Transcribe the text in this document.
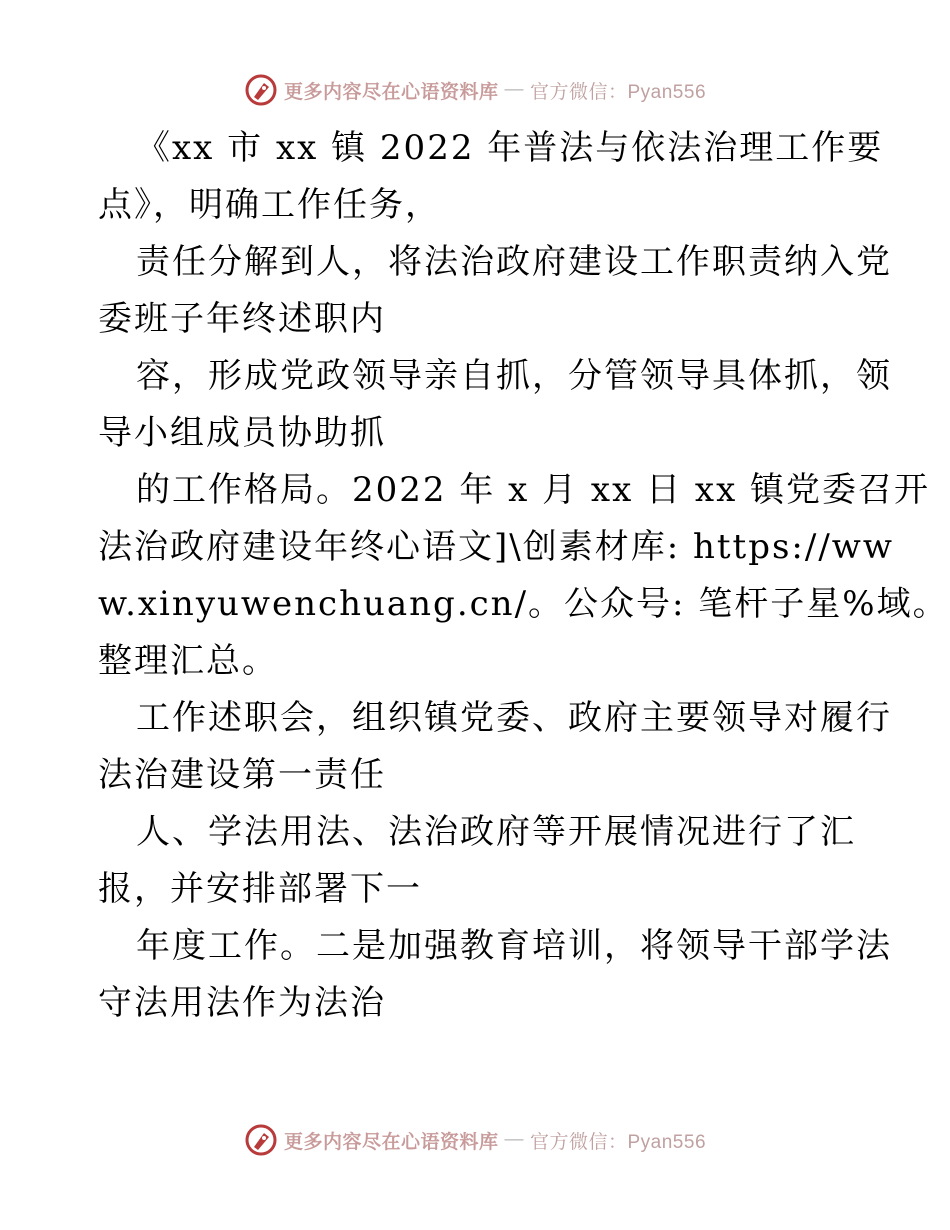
更多内容尽在心语资料库 — 官方微信：Pyan556
《xx 市 xx 镇 2022 年普法与依法治理工作要
点》，明确工作任务，
责任分解到人，将法治政府建设工作职责纳入党
委班子年终述职内
容，形成党政领导亲自抓，分管领导具体抓，领
导小组成员协助抓
的工作格局。2022 年 x 月 xx 日 xx 镇党委召开
法治政府建设年终心语文]\创素材库: https://ww
w.xinyuwenchuang.cn/。公众号: 笔杆子星%域。
整理汇总。
工作述职会，组织镇党委、政府主要领导对履行
法治建设第一责任
人、学法用法、法治政府等开展情况进行了汇
报，并安排部署下一
年度工作。二是加强教育培训，将领导干部学法
守法用法作为法治
更多内容尽在心语资料库 — 官方微信：Pyan556
